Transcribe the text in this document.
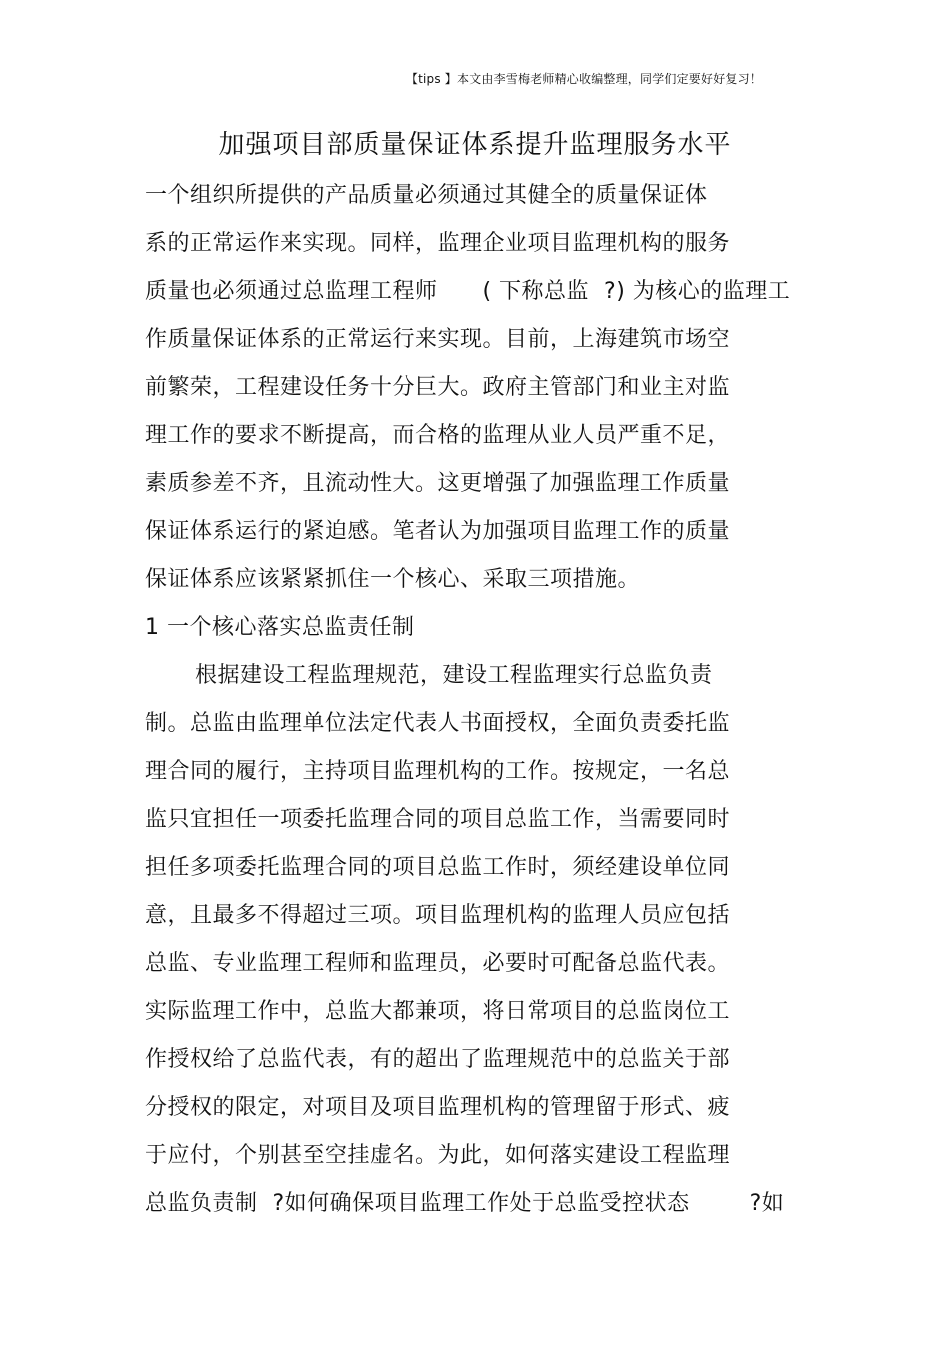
【tips 】本文由李雪梅老师精心收编整理，同学们定要好好复习！
加强项目部质量保证体系提升监理服务水平
一个组织所提供的产品质量必须通过其健全的质量保证体
系的正常运作来实现。同样，监理企业项目监理机构的服务
质量也必须通过总监理工程师      ( 下称总监  ?) 为核心的监理工
作质量保证体系的正常运行来实现。目前，上海建筑市场空
前繁荣，工程建设任务十分巨大。政府主管部门和业主对监
理工作的要求不断提高，而合格的监理从业人员严重不足，
素质参差不齐，且流动性大。这更增强了加强监理工作质量
保证体系运行的紧迫感。笔者认为加强项目监理工作的质量
保证体系应该紧紧抓住一个核心、采取三项措施。
1 一个核心落实总监责任制
根据建设工程监理规范，建设工程监理实行总监负责
制。总监由监理单位法定代表人书面授权，全面负责委托监
理合同的履行，主持项目监理机构的工作。按规定，一名总
监只宜担任一项委托监理合同的项目总监工作，当需要同时
担任多项委托监理合同的项目总监工作时，须经建设单位同
意，且最多不得超过三项。项目监理机构的监理人员应包括
总监、专业监理工程师和监理员，必要时可配备总监代表。
实际监理工作中，总监大都兼项，将日常项目的总监岗位工
作授权给了总监代表，有的超出了监理规范中的总监关于部
分授权的限定，对项目及项目监理机构的管理留于形式、疲
于应付，个别甚至空挂虚名。为此，如何落实建设工程监理
总监负责制  ?如何确保项目监理工作处于总监受控状态        ?如
